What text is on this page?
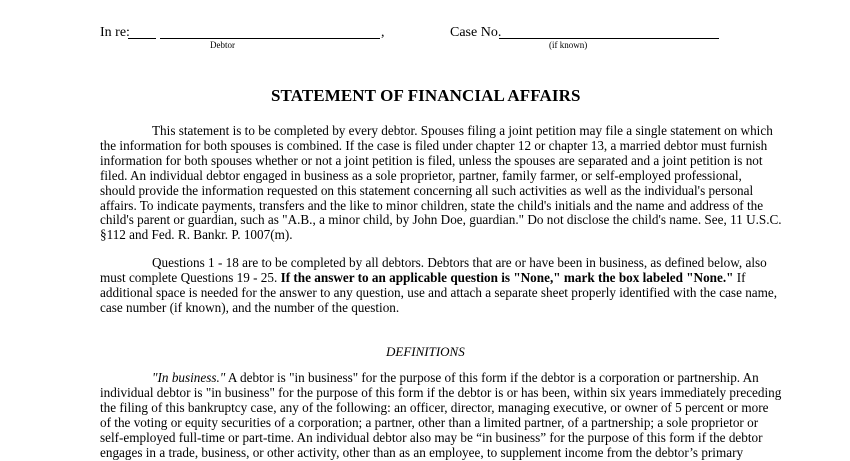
In re:	,
Debtor
Case No.
(if known)
STATEMENT OF FINANCIAL AFFAIRS
This statement is to be completed by every debtor. Spouses filing a joint petition may file a single statement on which
the information for both spouses is combined. If the case is filed under chapter 12 or chapter 13, a married debtor must furnish
information for both spouses whether or not a joint petition is filed, unless the spouses are separated and a joint petition is not
filed. An individual debtor engaged in business as a sole proprietor, partner, family farmer, or self-employed professional,
should provide the information requested on this statement concerning all such activities as well as the individual's personal
affairs. To indicate payments, transfers and the like to minor children, state the child's initials and the name and address of the
child's parent or guardian, such as "A.B., a minor child, by John Doe, guardian." Do not disclose the child's name. See, 11 U.S.C.
§112 and Fed. R. Bankr. P. 1007(m).
Questions 1 - 18 are to be completed by all debtors. Debtors that are or have been in business, as defined below, also
must complete Questions 19 - 25. If the answer to an applicable question is "None," mark the box labeled "None." If
additional space is needed for the answer to any question, use and attach a separate sheet properly identified with the case name,
case number (if known), and the number of the question.
DEFINITIONS
"In business." A debtor is "in business" for the purpose of this form if the debtor is a corporation or partnership. An
individual debtor is "in business" for the purpose of this form if the debtor is or has been, within six years immediately preceding
the filing of this bankruptcy case, any of the following: an officer, director, managing executive, or owner of 5 percent or more
of the voting or equity securities of a corporation; a partner, other than a limited partner, of a partnership; a sole proprietor or
self-employed full-time or part-time. An individual debtor also may be “in business” for the purpose of this form if the debtor
engages in a trade, business, or other activity, other than as an employee, to supplement income from the debtor’s primary
